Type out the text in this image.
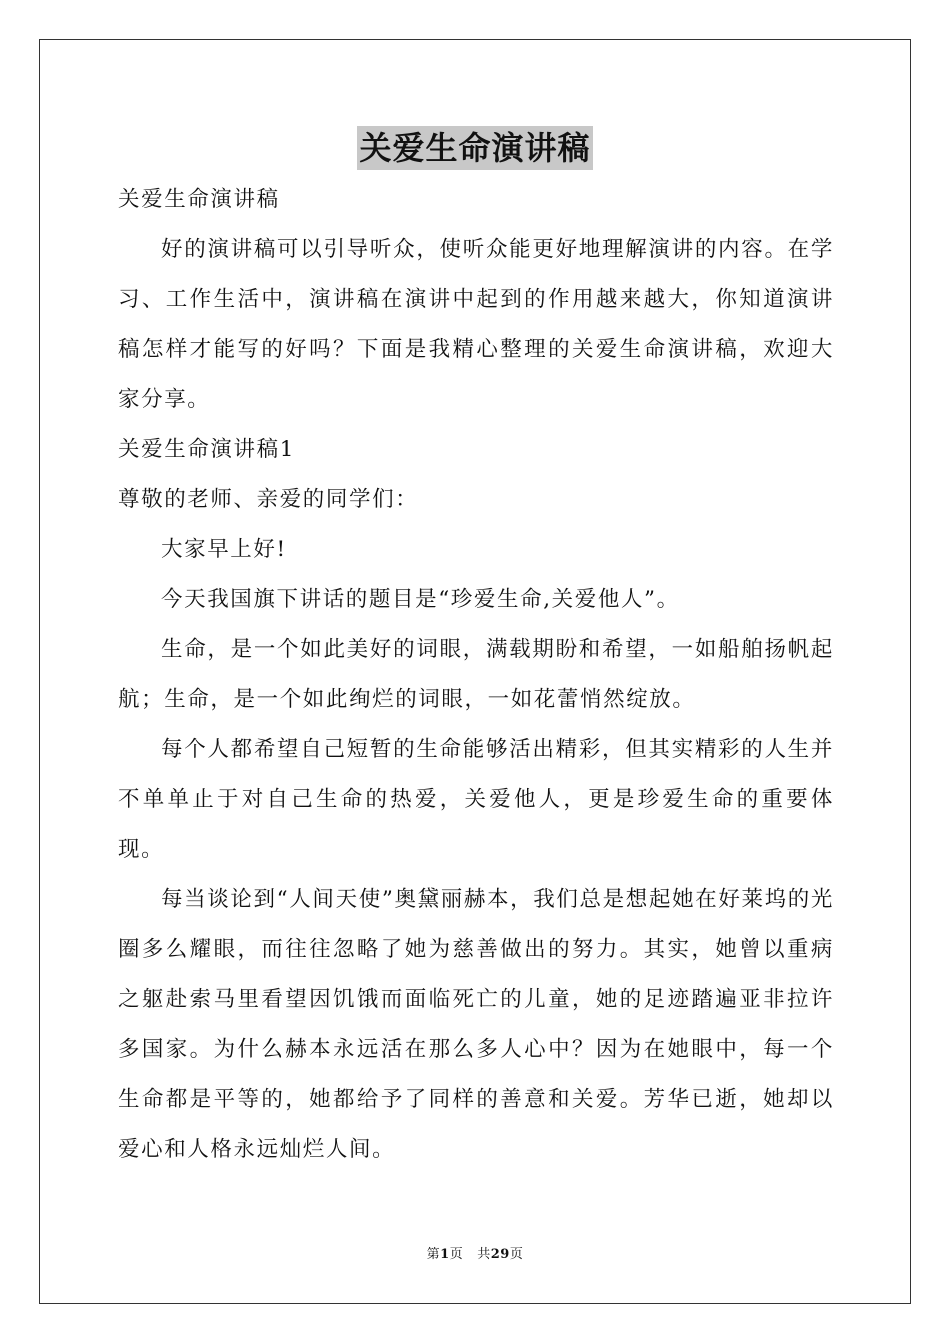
关爱生命演讲稿

关爱生命演讲稿

好的演讲稿可以引导听众，使听众能更好地理解演讲的内容。在学习、工作生活中，演讲稿在演讲中起到的作用越来越大，你知道演讲稿怎样才能写的好吗？下面是我精心整理的关爱生命演讲稿，欢迎大家分享。

关爱生命演讲稿1

尊敬的老师、亲爱的同学们：

大家早上好!

今天我国旗下讲话的题目是“珍爱生命,关爱他人”。

生命，是一个如此美好的词眼，满载期盼和希望，一如船舶扬帆起航；生命，是一个如此绚烂的词眼，一如花蕾悄然绽放。

每个人都希望自己短暂的生命能够活出精彩，但其实精彩的人生并不单单止于对自己生命的热爱，关爱他人，更是珍爱生命的重要体现。

每当谈论到“人间天使”奥黛丽赫本，我们总是想起她在好莱坞的光圈多么耀眼，而往往忽略了她为慈善做出的努力。其实，她曾以重病之躯赴索马里看望因饥饿而面临死亡的儿童，她的足迹踏遍亚非拉许多国家。为什么赫本永远活在那么多人心中？因为在她眼中，每一个生命都是平等的，她都给予了同样的善意和关爱。芳华已逝，她却以爱心和人格永远灿烂人间。

第1页 共29页
